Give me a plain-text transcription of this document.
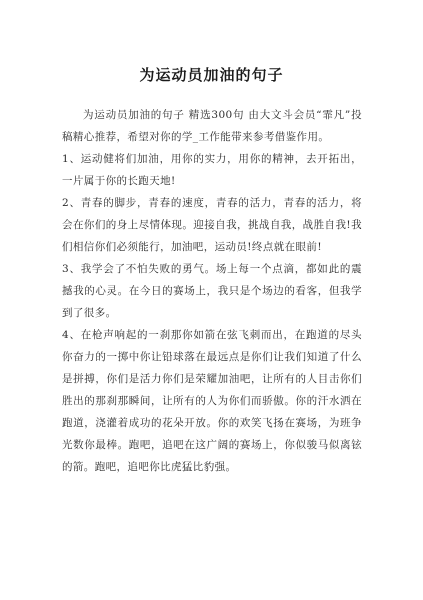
为运动员加油的句子

为运动员加油的句子 精选300句 由大文斗会员“霏凡”投稿精心推荐，希望对你的学_工作能带来参考借鉴作用。

1、运动健将们加油，用你的实力，用你的精神，去开拓出，一片属于你的长跑天地!

2、青春的脚步，青春的速度，青春的活力，青春的活力，将会在你们的身上尽情体现。迎接自我，挑战自我，战胜自我!我们相信你们必须能行，加油吧，运动员!终点就在眼前!

3、我学会了不怕失败的勇气。场上每一个点滴，都如此的震撼我的心灵。在今日的赛场上，我只是个场边的看客，但我学到了很多。

4、在枪声响起的一刹那你如箭在弦飞刺而出，在跑道的尽头你奋力的一掷中你让铅球落在最远点是你们让我们知道了什么是拼搏，你们是活力你们是荣耀加油吧，让所有的人目击你们胜出的那刹那瞬间，让所有的人为你们而骄傲。你的汗水洒在跑道，浇灌着成功的花朵开放。你的欢笑飞扬在赛场，为班争光数你最棒。跑吧，追吧在这广阔的赛场上，你似骏马似离铉的箭。跑吧，追吧你比虎猛比豹强。
